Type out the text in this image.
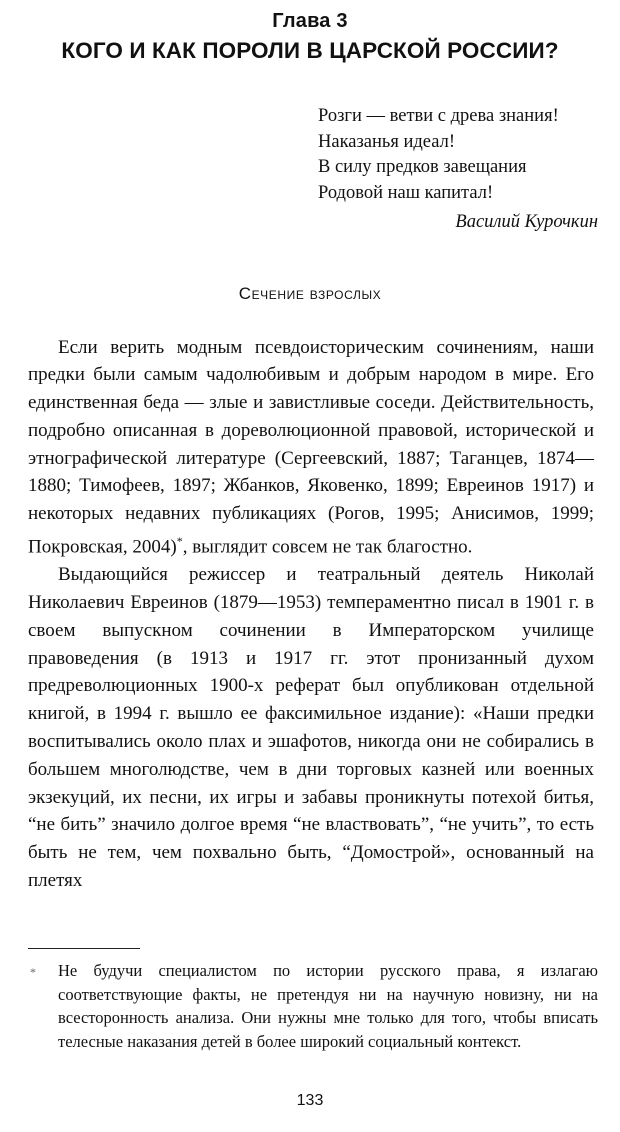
Глава 3
КОГО И КАК ПОРОЛИ В ЦАРСКОЙ РОССИИ?
Розги — ветви с древа знания!
Наказанья идеал!
В силу предков завещания
Родовой наш капитал!
Василий Курочкин
Сечение взрослых

Если верить модным псевдоисторическим сочинениям, наши предки были самым чадолюбивым и добрым народом в мире. Его единственная беда — злые и завистливые соседи. Действительность, подробно описанная в дореволюционной правовой, исторической и этнографической литературе (Сергеевский, 1887; Таганцев, 1874—1880; Тимофеев, 1897; Жбанков, Яковенко, 1899; Евреинов 1917) и некоторых недавних публикациях (Рогов, 1995; Анисимов, 1999; Покровская, 2004)*, выглядит совсем не так благостно.

Выдающийся режиссер и театральный деятель Николай Николаевич Евреинов (1879—1953) темпераментно писал в 1901 г. в своем выпускном сочинении в Императорском училище правоведения (в 1913 и 1917 гг. этот пронизанный духом предреволюционных 1900-х реферат был опубликован отдельной книгой, в 1994 г. вышло ее факсимильное издание): «Наши предки воспитывались около плах и эшафотов, никогда они не собирались в большем многолюдстве, чем в дни торговых казней или военных экзекуций, их песни, их игры и забавы проникнуты потехой битья, “не бить” значило долгое время “не властвовать”, “не учить”, то есть быть не тем, чем похвально быть, “Домострой», основанный на плетях

* Не будучи специалистом по истории русского права, я излагаю соответствующие факты, не претендуя ни на научную новизну, ни на всесторонность анализа. Они нужны мне только для того, чтобы вписать телесные наказания детей в более широкий социальный контекст.
133
